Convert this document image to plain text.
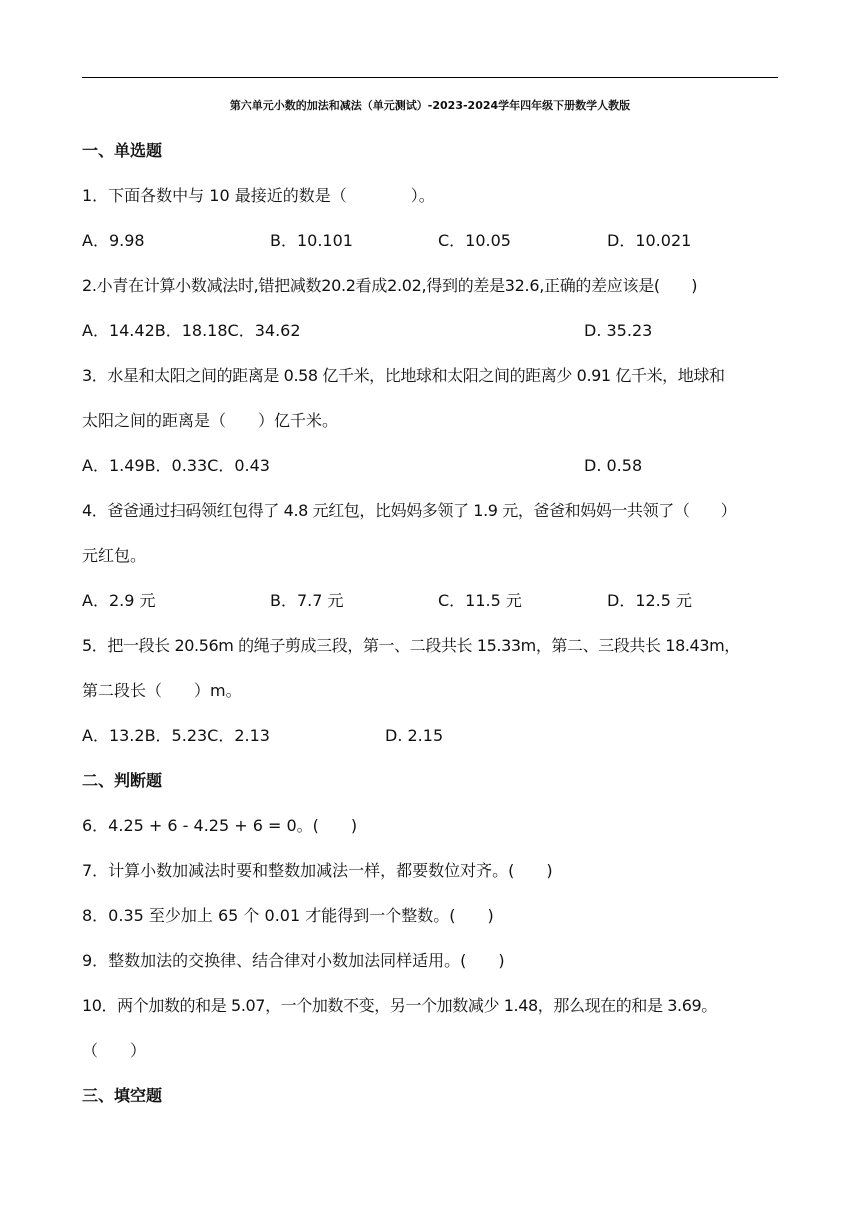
第六单元小数的加法和减法（单元测试）-2023-2024学年四年级下册数学人教版
一、单选题
1．下面各数中与 10 最接近的数是（　　　　）。
A．9.98	B．10.101	C．10.05	D．10.021
2.小青在计算小数减法时,错把减数20.2看成2.02,得到的差是32.6,正确的差应该是(　　)
A．14.42B．18.18C．34.62	D. 35.23
3．水星和太阳之间的距离是 0.58 亿千米，比地球和太阳之间的距离少 0.91 亿千米，地球和
太阳之间的距离是（　　）亿千米。
A．1.49B．0.33C．0.43	D. 0.58
4．爸爸通过扫码领红包得了 4.8 元红包，比妈妈多领了 1.9 元，爸爸和妈妈一共领了（　　）
元红包。
A．2.9 元	B．7.7 元	C．11.5 元	D．12.5 元
5．把一段长 20.56m 的绳子剪成三段，第一、二段共长 15.33m，第二、三段共长 18.43m，
第二段长（　　）m。
A．13.2B．5.23C．2.13	D. 2.15
二、判断题
6．4.25 + 6 - 4.25 + 6 = 0。(　　)
7．计算小数加减法时要和整数加减法一样，都要数位对齐。(　　)
8．0.35 至少加上 65 个 0.01 才能得到一个整数。(　　)
9．整数加法的交换律、结合律对小数加法同样适用。(　　)
10．两个加数的和是 5.07，一个加数不变，另一个加数减少 1.48，那么现在的和是 3.69。
（　　）
三、填空题
